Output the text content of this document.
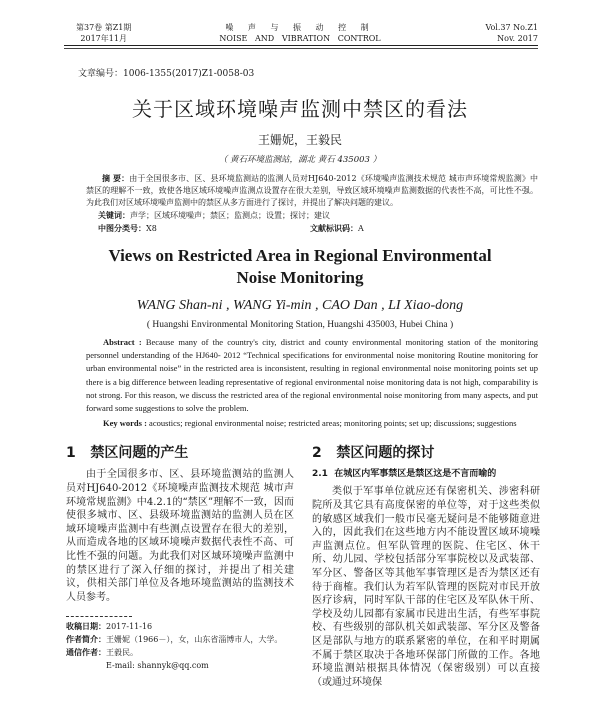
第37卷 第Z1期
2017年11月
噪 声 与 振 动 控 制
NOISE   AND   VIBRATION   CONTROL
Vol.37 No.Z1
Nov. 2017
文章编号：1006-1355(2017)Z1-0058-03
关于区域环境噪声监测中禁区的看法
王姗妮，王毅民
（ 黄石环境监测站，湖北 黄石 435003 ）
摘 要：由于全国很多市、区、县环境监测站的监测人员对HJ640-2012《环境噪声监测技术规范 城市声环境常规监测》中禁区的理解不一致，致使各地区域环境噪声监测点设置存在很大差别，导致区域环境噪声监测数据的代表性不高，可比性不强。为此我们对区域环境噪声监测中的禁区从多方面进行了探讨，并提出了解决问题的建议。
关键词：声学；区域环境噪声；禁区；监测点；设置；探讨；建议
中图分类号：X8	文献标识码：A
Views on Restricted Area in Regional Environmental
Noise Monitoring
WANG Shan-ni , WANG Yi-min , CAO Dan , LI Xiao-dong
( Huangshi Environmental Monitoring Station, Huangshi 435003, Hubei China )
Abstract : Because many of the country's city, district and county environmental monitoring station of the monitoring personnel understanding of the HJ640- 2012 “Technical specifications for environmental noise monitoring Routine monitoring for urban environmental noise” in the restricted area is inconsistent, resulting in regional environmental noise monitoring points set up there is a big difference between leading representative of regional environmental noise monitoring data is not high, comparability is not strong. For this reason, we discuss the restricted area of the regional environmental noise monitoring from many aspects, and put forward some suggestions to solve the problem.
Key words : acoustics; regional environmental noise; restricted areas; monitoring points; set up; discussions; suggestions
1   禁区问题的产生
由于全国很多市、区、县环境监测站的监测人员对HJ640-2012《环境噪声监测技术规范 城市声环境常规监测》中4.2.1的“禁区”理解不一致，因而使很多城市、区、县级环境监测站的监测人员在区域环境噪声监测中有些测点设置存在很大的差别，从而造成各地的区域环境噪声数据代表性不高、可比性不强的问题。为此我们对区域环境噪声监测中的禁区进行了深入仔细的探讨，并提出了相关建议，供相关部门单位及各地环境监测站的监测技术人员参考。
收稿日期：2017-11-16
作者简介：王姗妮（1966－），女，山东省淄博市人，大学。
通信作者：王毅民。
E-mail: shannyk@qq.com
2   禁区问题的探讨
2.1  在城区内军事禁区是禁区这是不言而喻的
类似于军事单位就应还有保密机关、涉密科研院所及其它具有高度保密的单位等，对于这些类似的敏感区域我们一般市民毫无疑问是不能够随意进入的，因此我们在这些地方内不能设置区域环境噪声监测点位。但军队管理的医院、住宅区、休干所、幼儿园、学校包括部分军事院校以及武装部、军分区、警备区等其他军事管理区是否为禁区还有待于商榷。我们认为若军队管理的医院对市民开放医疗诊病，同时军队干部的住宅区及军队休干所、学校及幼儿园都有家属市民进出生活，有些军事院校、有些级别的部队机关如武装部、军分区及警备区是部队与地方的联系紧密的单位，在和平时期属不属于禁区取决于各地环保部门所做的工作。各地环境监测站根据具体情况（保密级别）可以直接（或通过环境保
